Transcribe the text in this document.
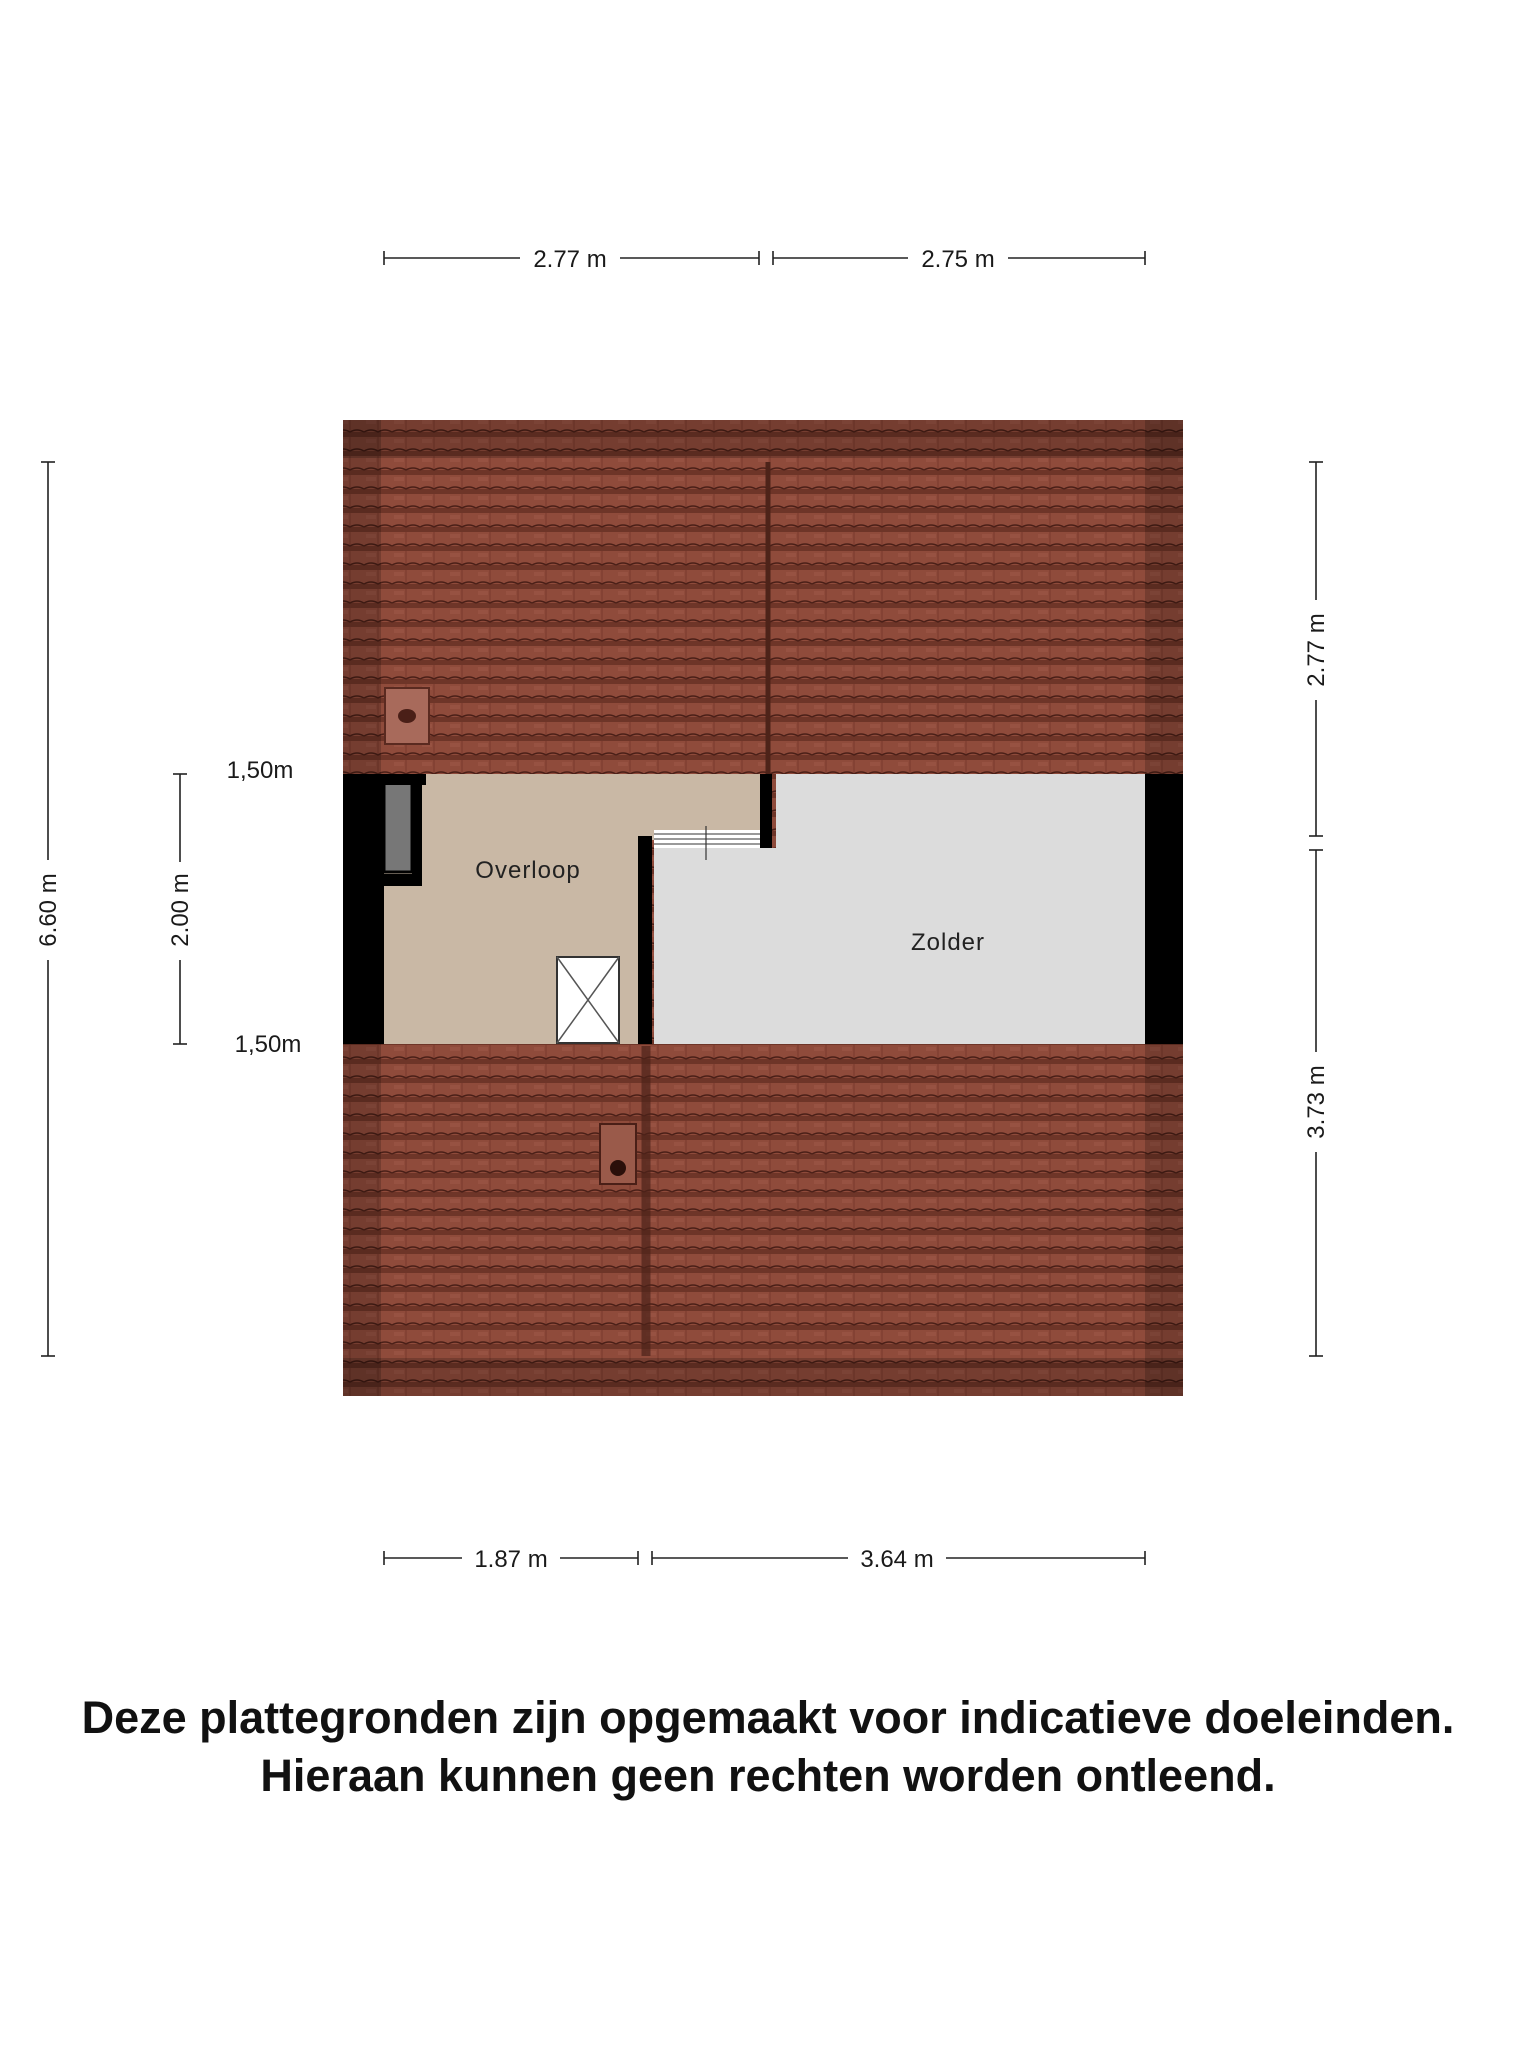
Overloop
Zolder
2.77 m	2.75 m
1.87 m	3.64 m
6.60 m	2.00 m
2.77 m
3.73 m
1,50m
1,50m
Deze plattegronden zijn opgemaakt voor indicatieve doeleinden.
Hieraan kunnen geen rechten worden ontleend.
